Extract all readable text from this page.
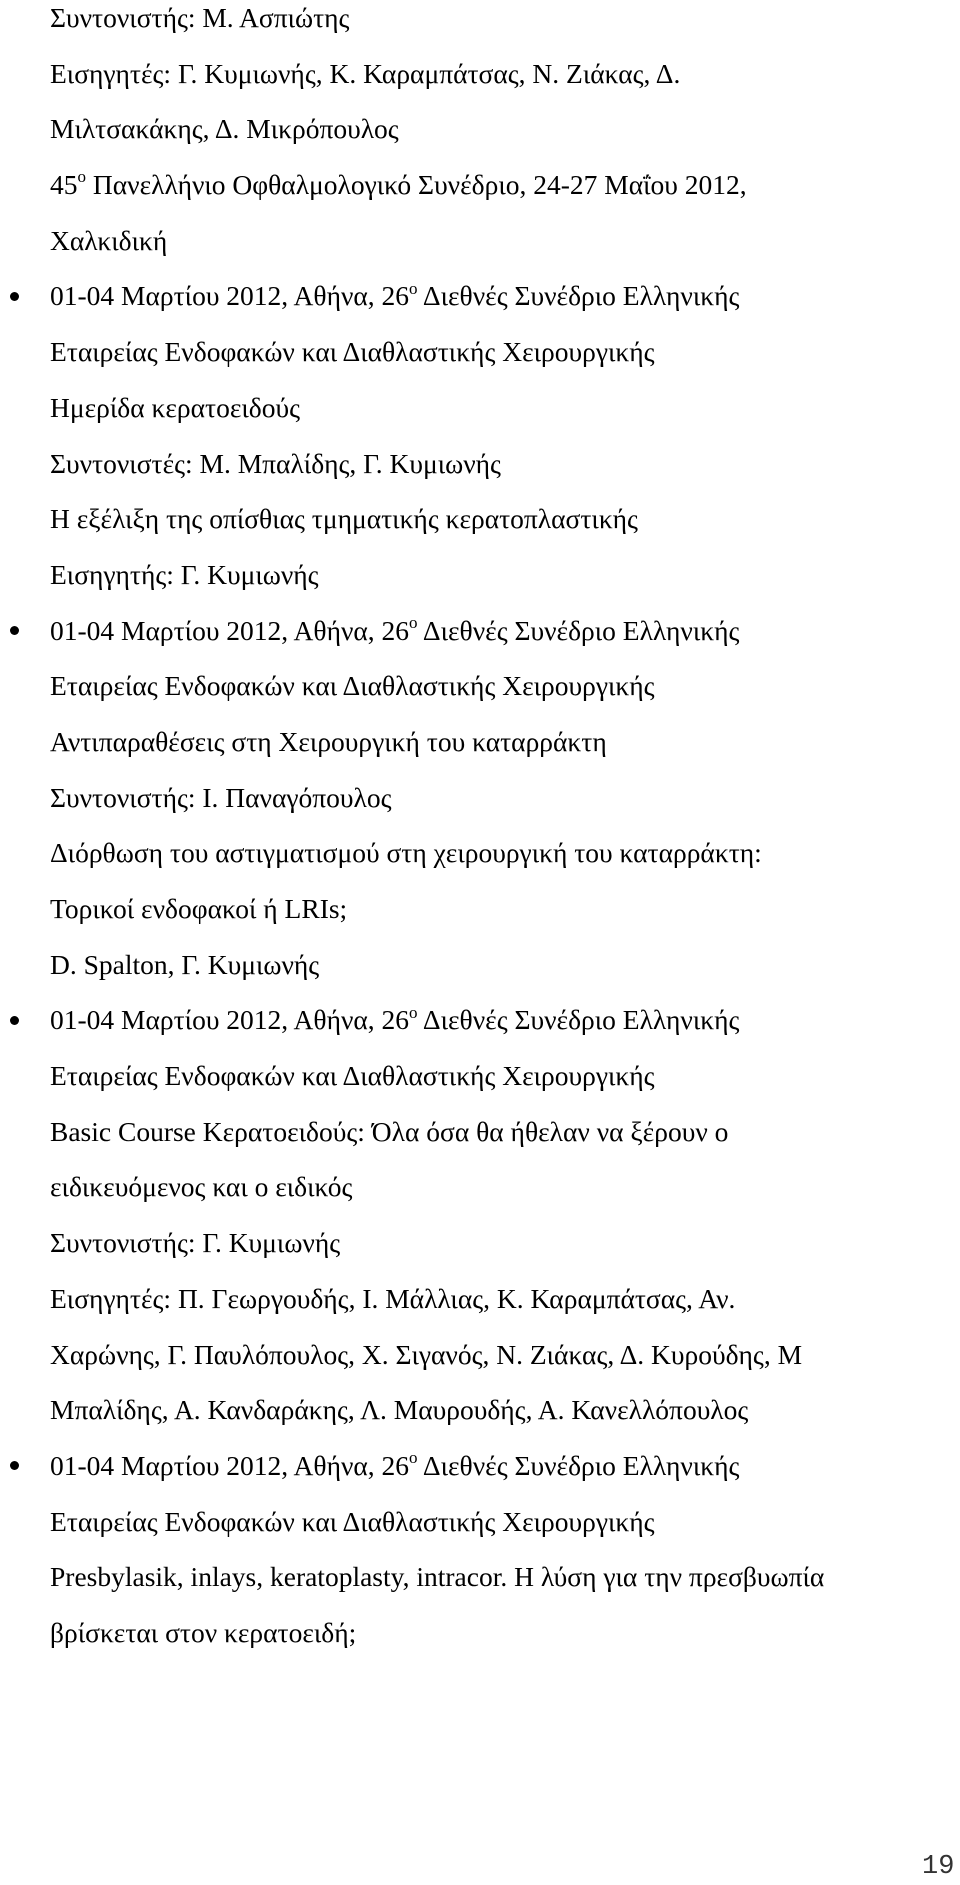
Συντονιστής: Μ. Ασπιώτης
Εισηγητές: Γ. Κυμιωνής, Κ. Καραμπάτσας, Ν. Ζιάκας, Δ.
Μιλτσακάκης, Δ. Μικρόπουλος
$45^o$ Πανελλήνιο Οφθαλμολογικό Συνέδριο, 24-27 Μαΐου 2012,
Χαλκιδική
01-04 Μαρτίου 2012, Αθήνα, $26^o$ Διεθνές Συνέδριο Ελληνικής
Εταιρείας Ενδοφακών και Διαθλαστικής Χειρουργικής
Ημερίδα κερατοειδούς
Συντονιστές: Μ. Μπαλίδης, Γ. Κυμιωνής
Η εξέλιξη της οπίσθιας τμηματικής κερατοπλαστικής
Εισηγητής: Γ. Κυμιωνής
01-04 Μαρτίου 2012, Αθήνα, $26^o$ Διεθνές Συνέδριο Ελληνικής
Εταιρείας Ενδοφακών και Διαθλαστικής Χειρουργικής
Αντιπαραθέσεις στη Χειρουργική του καταρράκτη
Συντονιστής: Ι. Παναγόπουλος
Διόρθωση του αστιγματισμού στη χειρουργική του καταρράκτη:
Τορικοί ενδοφακοί ή LRIs;
D. Spalton, Γ. Κυμιωνής
01-04 Μαρτίου 2012, Αθήνα, $26^o$ Διεθνές Συνέδριο Ελληνικής
Εταιρείας Ενδοφακών και Διαθλαστικής Χειρουργικής
Basic Course Κερατοειδούς: Όλα όσα θα ήθελαν να ξέρουν ο
ειδικευόμενος και ο ειδικός
Συντονιστής: Γ. Κυμιωνής
Εισηγητές: Π. Γεωργουδής, Ι. Μάλλιας, Κ. Καραμπάτσας, Αν.
Χαρώνης, Γ. Παυλόπουλος, Χ. Σιγανός, Ν. Ζιάκας, Δ. Κυρούδης, Μ
Μπαλίδης, Α. Κανδαράκης, Λ. Μαυρουδής, Α. Κανελλόπουλος
01-04 Μαρτίου 2012, Αθήνα, $26^o$ Διεθνές Συνέδριο Ελληνικής
Εταιρείας Ενδοφακών και Διαθλαστικής Χειρουργικής
Presbylasik, inlays, keratoplasty, intracor. Η λύση για την πρεσβυωπία
βρίσκεται στον κερατοειδή;
19
